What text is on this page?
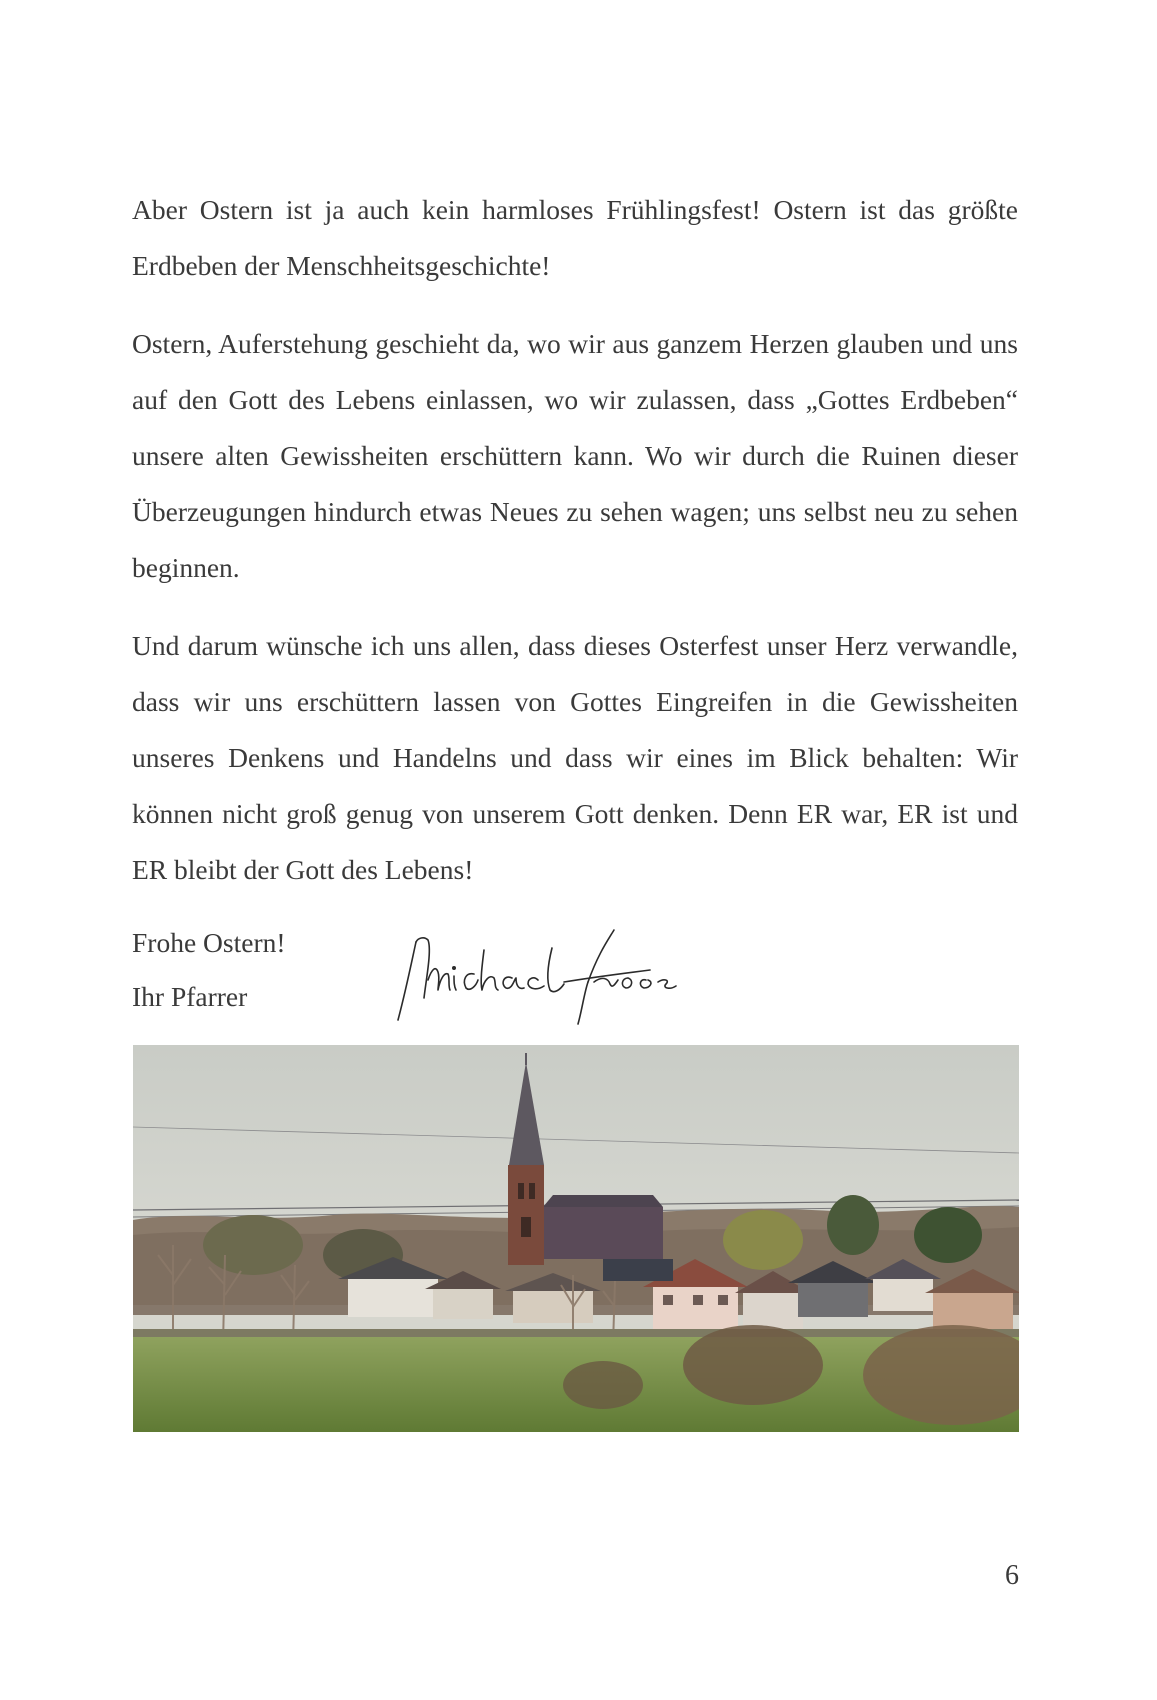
Aber Ostern ist ja auch kein harmloses Frühlingsfest! Ostern ist das größte Erdbeben der Menschheitsgeschichte!

Ostern, Auferstehung geschieht da, wo wir aus ganzem Herzen glauben und uns auf den Gott des Lebens einlassen, wo wir zulassen, dass „Gottes Erdbeben“ unsere alten Gewissheiten erschüttern kann. Wo wir durch die Ruinen dieser Überzeugungen hindurch etwas Neues zu sehen wagen; uns selbst neu zu sehen beginnen.

Und darum wünsche ich uns allen, dass dieses Osterfest unser Herz verwandle, dass wir uns erschüttern lassen von Gottes Eingreifen in die Gewissheiten unseres Denkens und Handelns und dass wir eines im Blick behalten: Wir können nicht groß genug von unserem Gott denken. Denn ER war, ER ist und ER bleibt der Gott des Lebens!

Frohe Ostern!
Ihr Pfarrer
6
